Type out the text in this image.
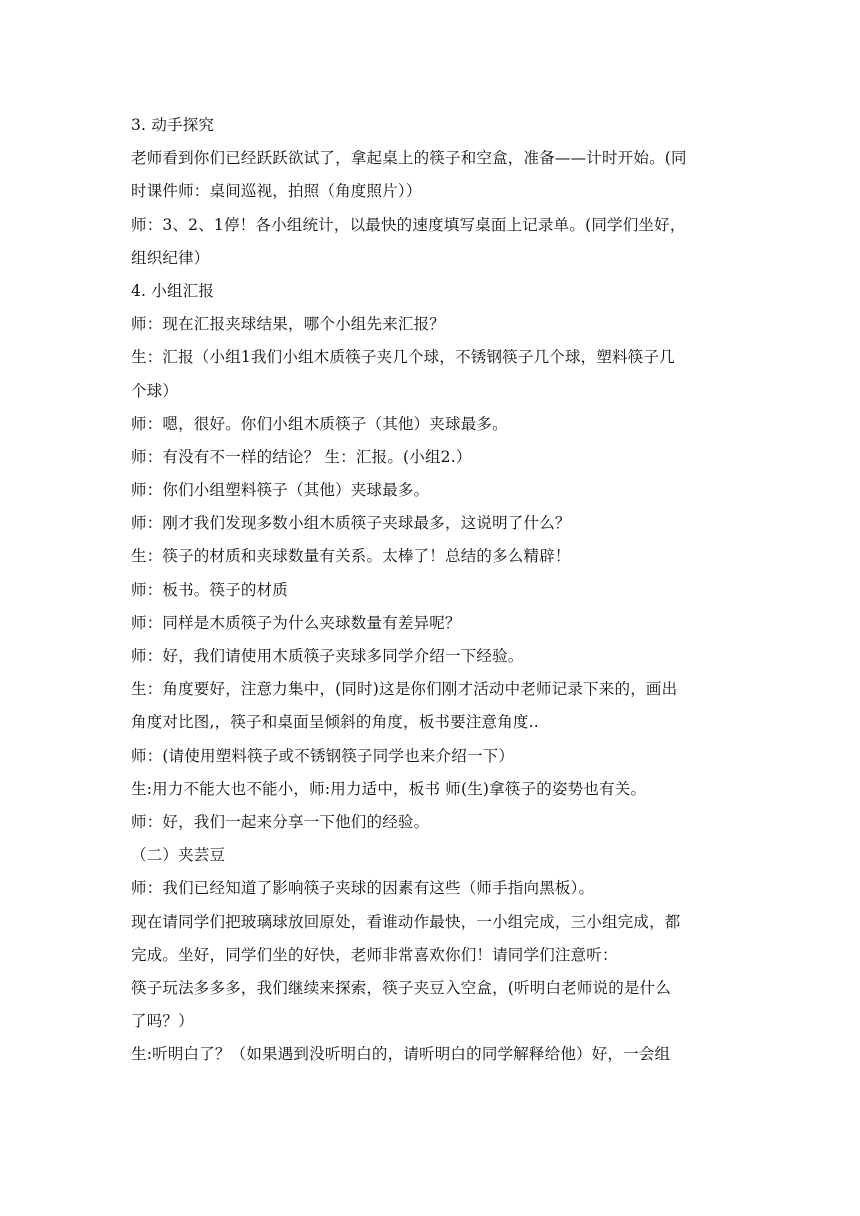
3. 动手探究
老师看到你们已经跃跃欲试了，拿起桌上的筷子和空盒，准备——计时开始。(同
时课件师：桌间巡视，拍照（角度照片））
师：3、2、1停！各小组统计，以最快的速度填写桌面上记录单。(同学们坐好，
组织纪律）
4. 小组汇报
师：现在汇报夹球结果，哪个小组先来汇报？
生：汇报（小组1我们小组木质筷子夹几个球，不锈钢筷子几个球，塑料筷子几
个球）
师：嗯，很好。你们小组木质筷子（其他）夹球最多。
师：有没有不一样的结论？ 生：汇报。(小组2.）
师：你们小组塑料筷子（其他）夹球最多。
师：刚才我们发现多数小组木质筷子夹球最多，这说明了什么？
生：筷子的材质和夹球数量有关系。太棒了！总结的多么精辟！
师：板书。筷子的材质
师：同样是木质筷子为什么夹球数量有差异呢？
师：好，我们请使用木质筷子夹球多同学介绍一下经验。
生：角度要好，注意力集中，(同时)这是你们刚才活动中老师记录下来的，画出
角度对比图,，筷子和桌面呈倾斜的角度，板书要注意角度..
师：(请使用塑料筷子或不锈钢筷子同学也来介绍一下）
生:用力不能大也不能小，师:用力适中，板书 师(生)拿筷子的姿势也有关。
师：好，我们一起来分享一下他们的经验。
（二）夹芸豆
师：我们已经知道了影响筷子夹球的因素有这些（师手指向黑板）。
现在请同学们把玻璃球放回原处，看谁动作最快，一小组完成，三小组完成，都
完成。坐好，同学们坐的好快，老师非常喜欢你们！请同学们注意听：
筷子玩法多多多，我们继续来探索，筷子夹豆入空盒，(听明白老师说的是什么
了吗？）
生:听明白了？（如果遇到没听明白的，请听明白的同学解释给他）好，一会组
